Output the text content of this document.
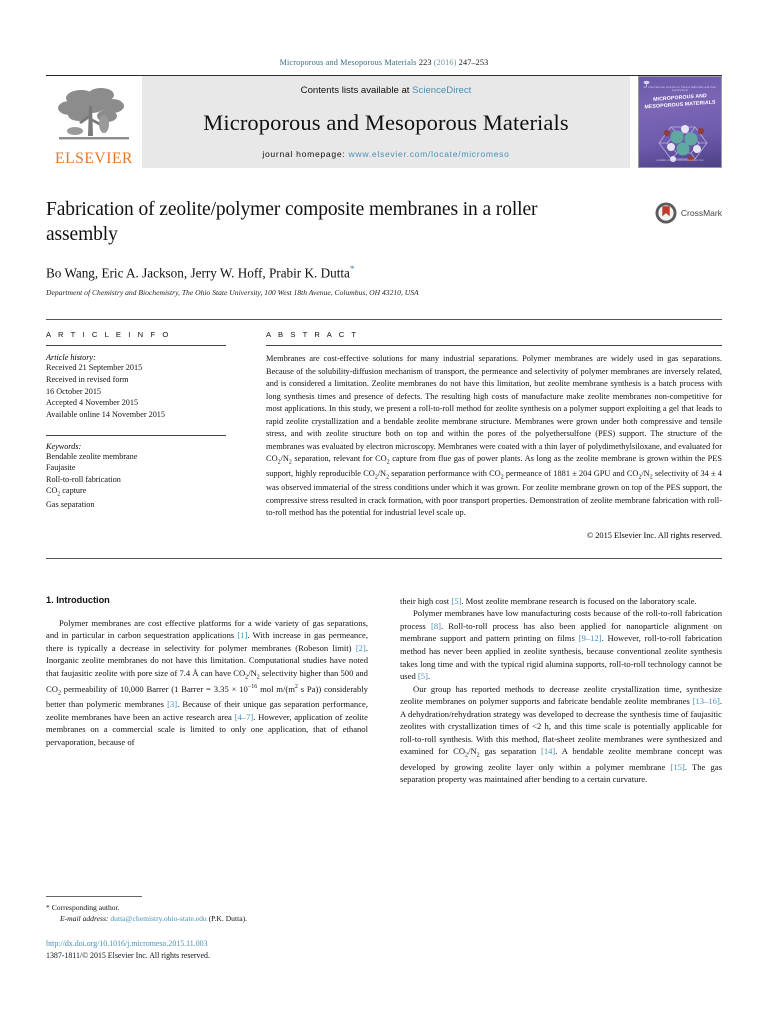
Microporous and Mesoporous Materials 223 (2016) 247–253
ELSEVIER
Contents lists available at ScienceDirect
Microporous and Mesoporous Materials
journal homepage: www.elsevier.com/locate/micromeso
An International Journal on Porous Materials and their Applications
MICROPOROUS AND MESOPOROUS MATERIALS
Available online at www.sciencedirect.com
CrossMark
Fabrication of zeolite/polymer composite membranes in a roller assembly
Bo Wang, Eric A. Jackson, Jerry W. Hoff, Prabir K. Dutta*
Department of Chemistry and Biochemistry, The Ohio State University, 100 West 18th Avenue, Columbus, OH 43210, USA
A R T I C L E I N F O
Article history:
Received 21 September 2015
Received in revised form
16 October 2015
Accepted 4 November 2015
Available online 14 November 2015
Keywords:
Bendable zeolite membrane
Faujasite
Roll-to-roll fabrication
$CO_2$ capture
Gas separation
A B S T R A C T
Membranes are cost-effective solutions for many industrial separations. Polymer membranes are widely used in gas separations. Because of the solubility-diffusion mechanism of transport, the permeance and selectivity of polymer membranes are inversely related, and is considered a limitation. Zeolite membranes do not have this limitation, but zeolite membrane synthesis is a batch process with long synthesis times and presence of defects. The resulting high costs of manufacture make zeolite membranes non-competitive for most applications. In this study, we present a roll-to-roll method for zeolite synthesis on a polymer support exploiting a gel that leads to rapid zeolite crystallization and a bendable zeolite membrane structure. Membranes were grown under both compressive and tensile stress, and with zeolite structure both on top and within the pores of the polyethersulfone (PES) support. The structure of the membranes was evaluated by electron microscopy. Membranes were coated with a thin layer of polydimethylsiloxane, and evaluated for $CO_2/N_2$ separation, relevant for $CO_2$ capture from flue gas of power plants. As long as the zeolite membrane is grown within the PES support, highly reproducible $CO_2/N_2$ separation performance with $CO_2$ permeance of 1881 ± 204 GPU and $CO_2/N_2$ selectivity of 34 ± 4 was observed immaterial of the stress conditions under which it was grown. For zeolite membrane grown on top of the PES support, the compressive stress resulted in crack formation, with poor transport properties. Demonstration of zeolite membrane fabrication with roll-to-roll method has the potential for industrial level scale up.
© 2015 Elsevier Inc. All rights reserved.
1. Introduction

Polymer membranes are cost effective platforms for a wide variety of gas separations, and in particular in carbon sequestration applications [1]. With increase in gas permeance, there is typically a decrease in selectivity for polymer membranes (Robeson limit) [2]. Inorganic zeolite membranes do not have this limitation. Computational studies have noted that faujasitic zeolite with pore size of 7.4 Å can have $CO_2/N_2$ selectivity higher than 500 and $CO_2$ permeability of 10,000 Barrer (1 Barrer = $3.35 \times 10^{-16}$ mol $m/(m^2$ s Pa)) considerably better than polymeric membranes [3]. Because of their unique gas separation performance, zeolite membranes have been an active research area [4–7]. However, application of zeolite membranes on a commercial scale is limited to only one application, that of ethanol pervaporation, because of

their high cost [5]. Most zeolite membrane research is focused on the laboratory scale.

Polymer membranes have low manufacturing costs because of the roll-to-roll fabrication process [8]. Roll-to-roll process has also been applied for nanoparticle alignment on membrane support and pattern printing on films [9–12]. However, roll-to-roll fabrication method has never been applied in zeolite synthesis, because conventional zeolite synthesis takes long time and with the typical rigid alumina supports, roll-to-roll technology cannot be used [5].

Our group has reported methods to decrease zeolite crystallization time, synthesize zeolite membranes on polymer supports and fabricate bendable zeolite membranes [13–16]. A dehydration/rehydration strategy was developed to decrease the synthesis time of faujasitic zeolites with crystallization times of <2 h, and this time scale is potentially applicable for roll-to-roll synthesis. With this method, flat-sheet zeolite membranes were synthesized and examined for $CO_2/N_2$ gas separation [14]. A bendable zeolite membrane concept was developed by growing zeolite layer only within a polymer membrane [15]. The gas separation property was maintained after bending to a certain curvature.

* Corresponding author.
E-mail address: dutta@chemistry.ohio-state.edu (P.K. Dutta).
http://dx.doi.org/10.1016/j.micromeso.2015.11.003
1387-1811/© 2015 Elsevier Inc. All rights reserved.
